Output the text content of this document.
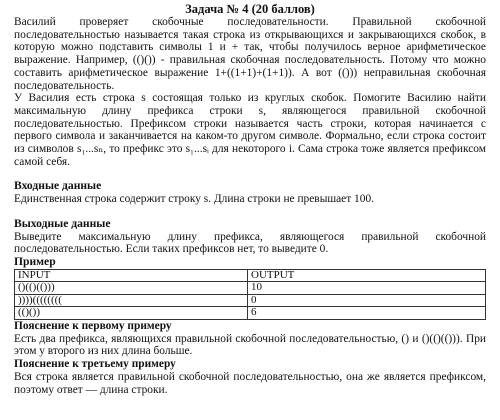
Задача № 4 (20 баллов)

Василий проверяет скобочные последовательности. Правильной скобочной последовательностью называется такая строка из открывающихся и закрывающихся скобок, в которую можно подставить символы 1 и + так, чтобы получилось верное арифметическое выражение. Например, (()()) - правильная скобочная последовательность. Потому что можно составить арифметическое выражение 1+((1+1)+(1+1)). А вот (())) неправильная скобочная последовательность.

У Василия есть строка s состоящая только из круглых скобок. Помогите Василию найти максимальную длину префикса строки s, являющегося правильной скобочной последовательностью. Префиксом строки называется часть строки, которая начинается с первого символа и заканчивается на каком-то другом символе. Формально, если строка состоит из символов s₁...sₙ, то префикс это s₁...sᵢ для некоторого i. Сама строка тоже является префиксом самой себя.

Входные данные

Единственная строка содержит строку s. Длина строки не превышает 100.

Выходные данные

Выведите максимальную длину префикса, являющегося правильной скобочной последовательностью. Если таких префиксов нет, то выведите 0.

Пример

INPUT	OUTPUT
()(()(()))	10
))))((((((((	0
(()())	6

Пояснение к первому примеру

Есть два префикса, являющихся правильной скобочной последовательностью, () и ()(()(())). При этом у второго из них длина больше.

Пояснение к третьему примеру

Вся строка является правильной скобочной последовательностью, она же является префиксом, поэтому ответ — длина строки.
